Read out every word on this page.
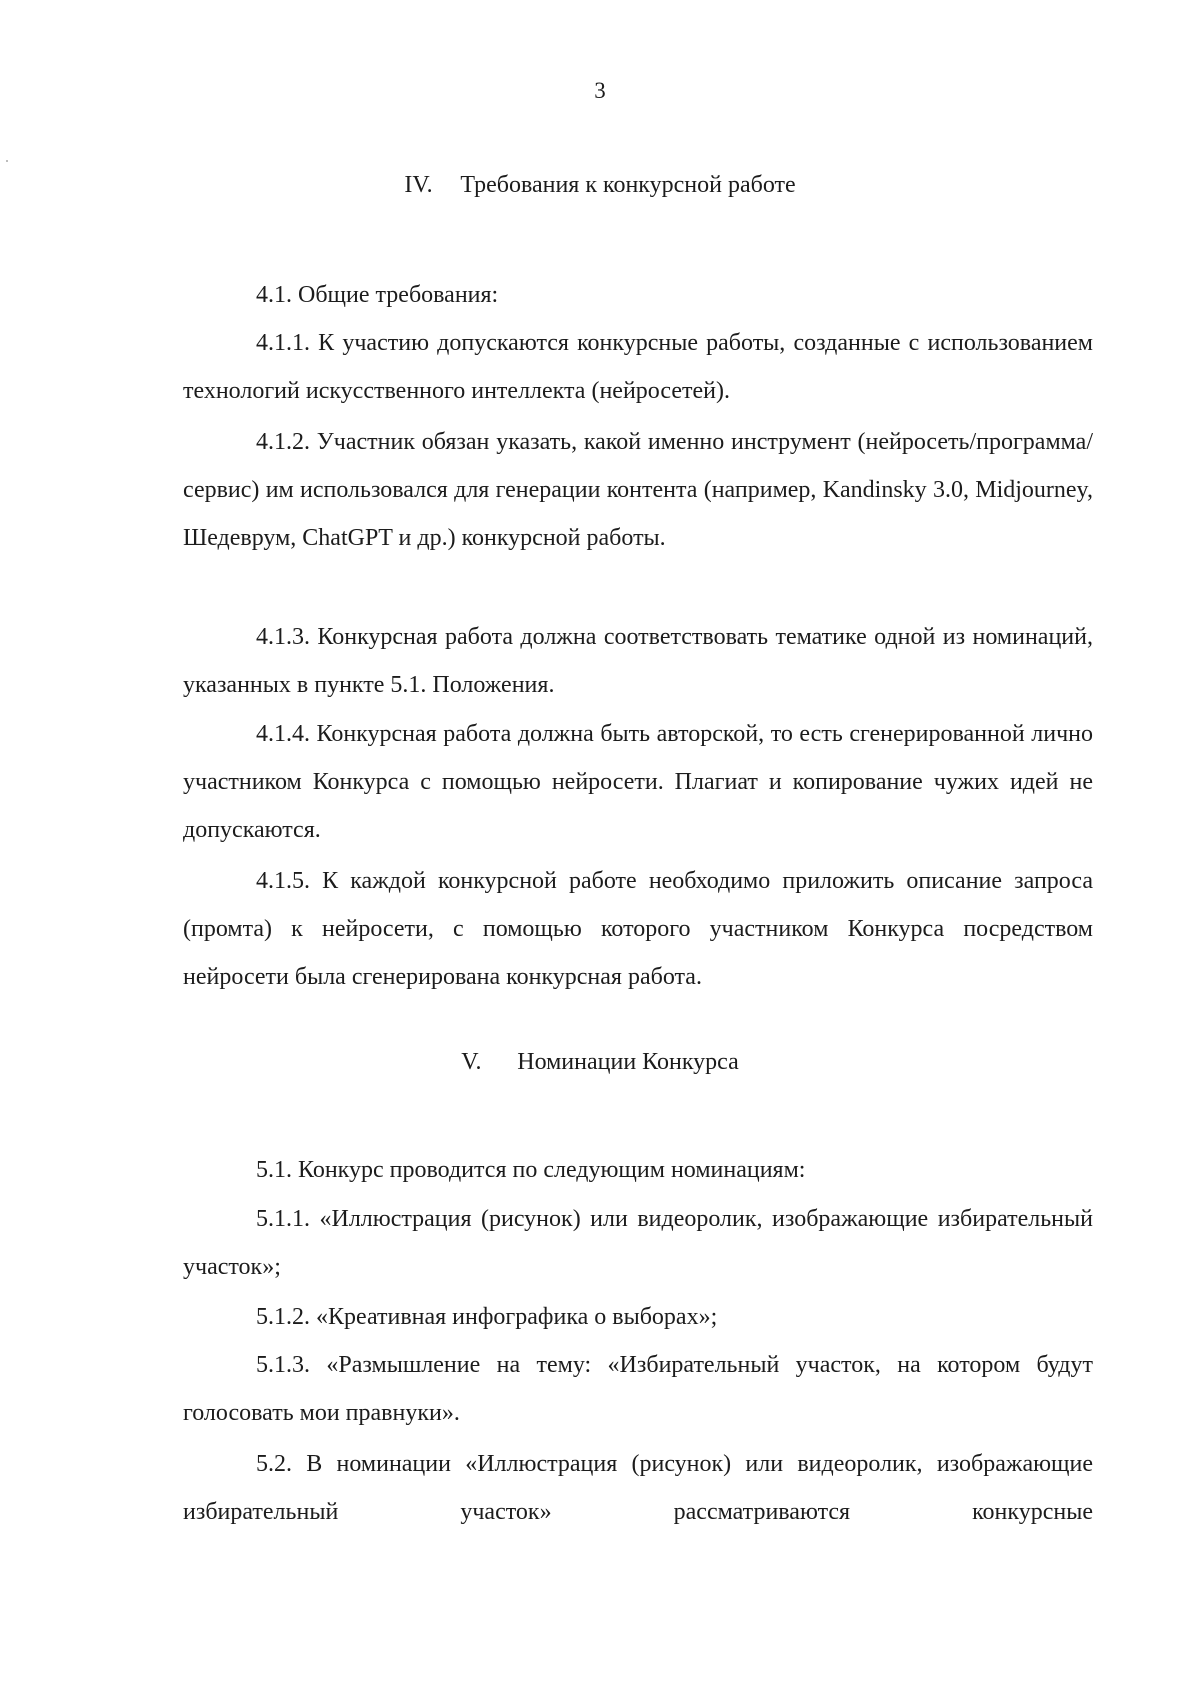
3
IV. Требования к конкурсной работе

4.1. Общие требования:

4.1.1. К участию допускаются конкурсные работы, созданные с использованием технологий искусственного интеллекта (нейросетей).

4.1.2. Участник обязан указать, какой именно инструмент (нейросеть/программа/сервис) им использовался для генерации контента (например, Kandinsky 3.0, Midjourney, Шедеврум, ChatGPT и др.) конкурсной работы.

4.1.3. Конкурсная работа должна соответствовать тематике одной из номинаций, указанных в пункте 5.1. Положения.

4.1.4. Конкурсная работа должна быть авторской, то есть сгенерированной лично участником Конкурса с помощью нейросети. Плагиат и копирование чужих идей не допускаются.

4.1.5. К каждой конкурсной работе необходимо приложить описание запроса (промта) к нейросети, с помощью которого участником Конкурса посредством нейросети была сгенерирована конкурсная работа.

V. Номинации Конкурса

5.1. Конкурс проводится по следующим номинациям:

5.1.1. «Иллюстрация (рисунок) или видеоролик, изображающие избирательный участок»;

5.1.2. «Креативная инфографика о выборах»;

5.1.3. «Размышление на тему: «Избирательный участок, на котором будут голосовать мои правнуки».

5.2. В номинации «Иллюстрация (рисунок) или видеоролик, изображающие избирательный участок» рассматриваются конкурсные
